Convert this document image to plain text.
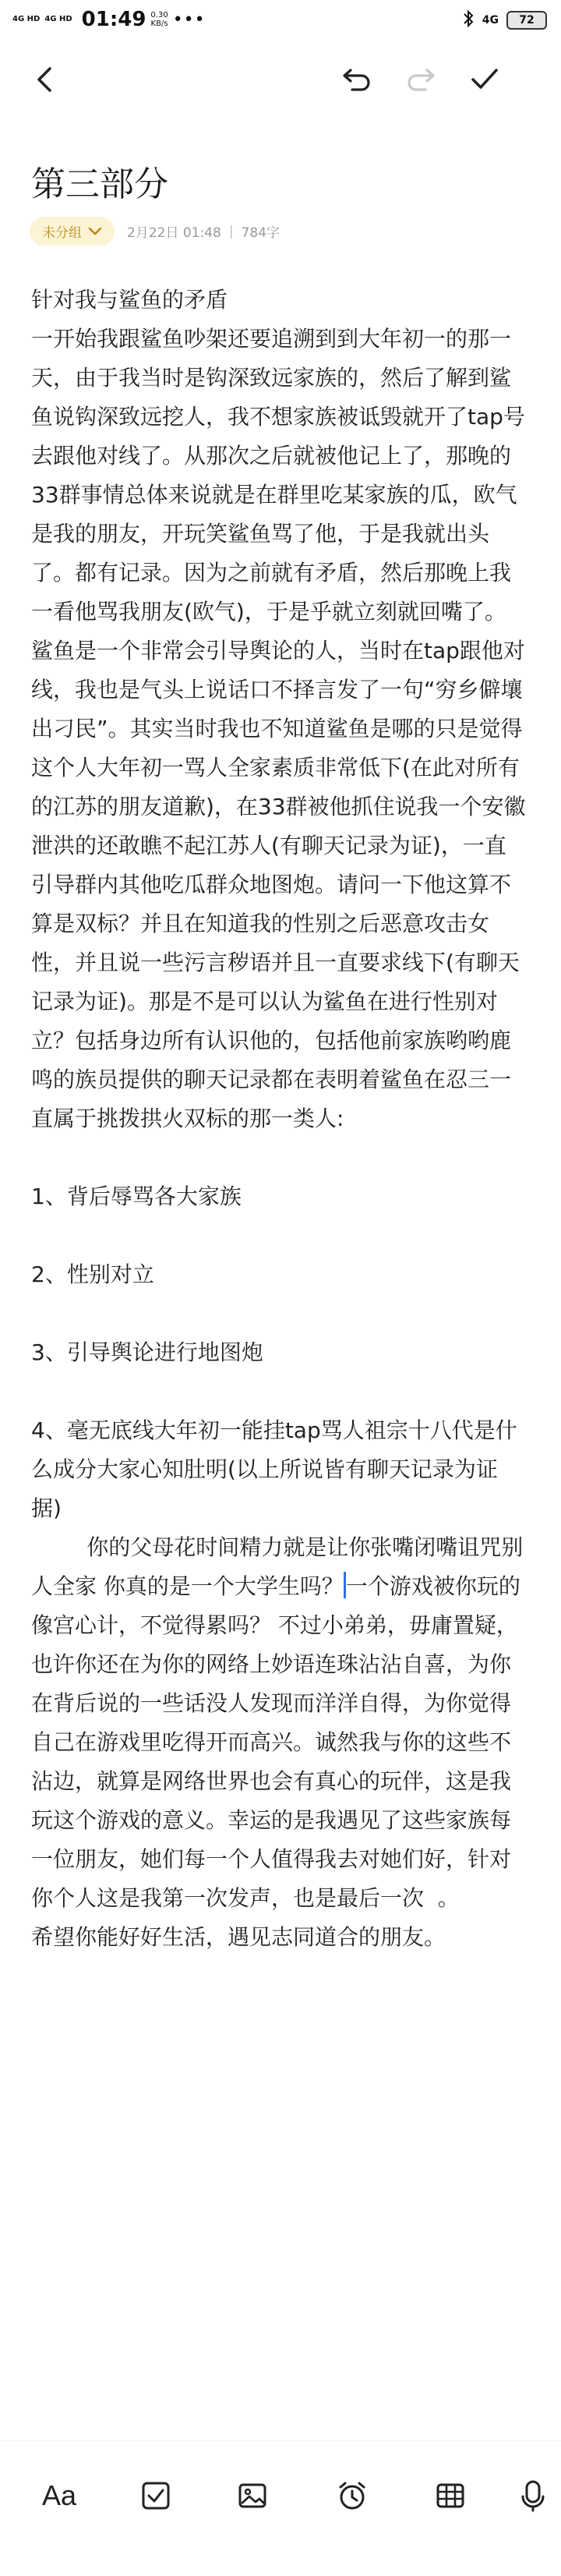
4G HD 4G HD 01:49 0.30
KB/s •••	4G	72
第三部分
未分组	2月22日 01:48 | 784字
针对我与鲨鱼的矛盾
一开始我跟鲨鱼吵架还要追溯到到大年初一的那一天，由于我当时是钩深致远家族的，然后了解到鲨鱼说钩深致远挖人，我不想家族被诋毁就开了tap号去跟他对线了。从那次之后就被他记上了，那晚的33群事情总体来说就是在群里吃某家族的瓜，欧气是我的朋友，开玩笑鲨鱼骂了他，于是我就出头了。都有记录。因为之前就有矛盾，然后那晚上我一看他骂我朋友(欧气)，于是乎就立刻就回嘴了。鲨鱼是一个非常会引导舆论的人，当时在tap跟他对线，我也是气头上说话口不择言发了一句“穷乡僻壤出刁民”。其实当时我也不知道鲨鱼是哪的只是觉得这个人大年初一骂人全家素质非常低下(在此对所有的江苏的朋友道歉)，在33群被他抓住说我一个安徽泄洪的还敢瞧不起江苏人(有聊天记录为证)，一直引导群内其他吃瓜群众地图炮。请问一下他这算不算是双标？并且在知道我的性别之后恶意攻击女性，并且说一些污言秽语并且一直要求线下(有聊天记录为证)。那是不是可以认为鲨鱼在进行性别对立？包括身边所有认识他的，包括他前家族哟哟鹿鸣的族员提供的聊天记录都在表明着鲨鱼在忍三一直属于挑拨拱火双标的那一类人:

1、背后辱骂各大家族

2、性别对立

3、引导舆论进行地图炮

4、毫无底线大年初一能挂tap骂人祖宗十八代是什么成分大家心知肚明(以上所说皆有聊天记录为证据)
你的父母花时间精力就是让你张嘴闭嘴诅咒别人全家 你真的是一个大学生吗？ 一个游戏被你玩的像宫心计，不觉得累吗？ 不过小弟弟，毋庸置疑，也许你还在为你的网络上妙语连珠沾沾自喜，为你在背后说的一些话没人发现而洋洋自得，为你觉得自己在游戏里吃得开而高兴。诚然我与你的这些不沾边，就算是网络世界也会有真心的玩伴，这是我玩这个游戏的意义。幸运的是我遇见了这些家族每一位朋友，她们每一个人值得我去对她们好，针对你个人这是我第一次发声，也是最后一次  。
希望你能好好生活，遇见志同道合的朋友。
Aa
